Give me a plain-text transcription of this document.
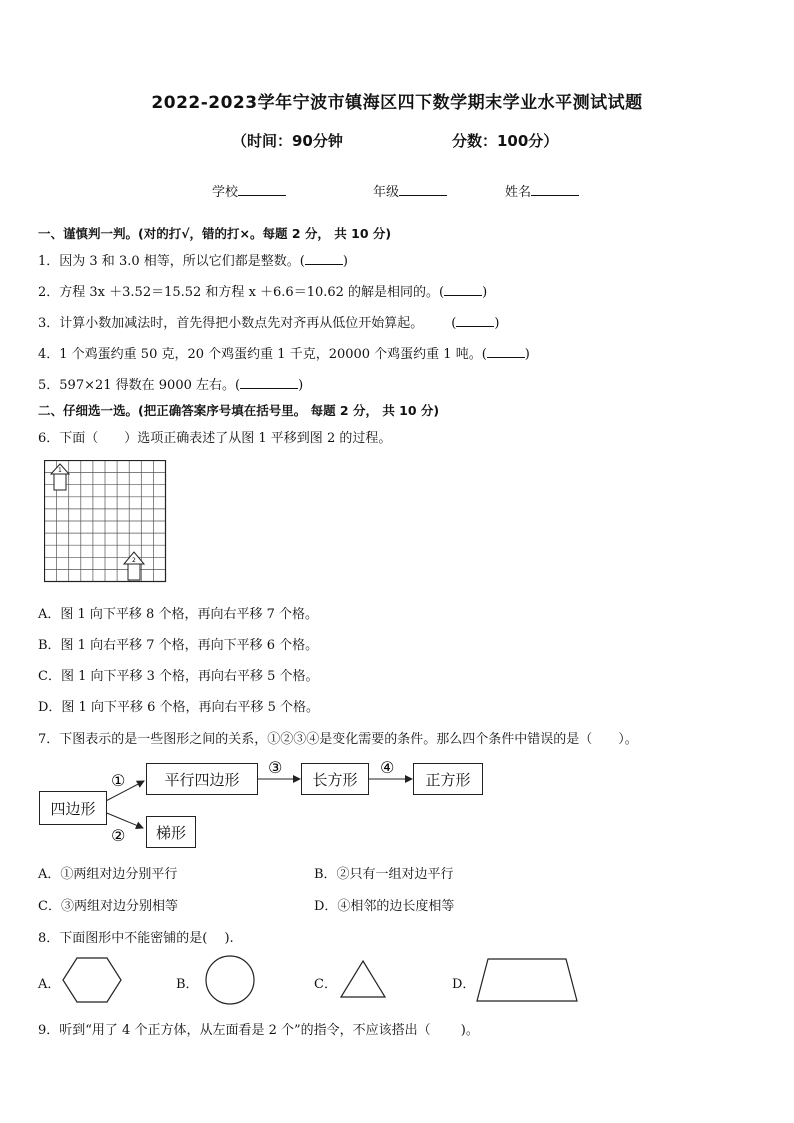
2022-2023学年宁波市镇海区四下数学期末学业水平测试试题
（时间：90分钟	分数：100分）
学校	年级	姓名
一、谨慎判一判。(对的打√，错的打×。每题 2 分， 共 10 分)
1．因为 3 和 3.0 相等，所以它们都是整数。(	)
2．方程 3x ＋3.52＝15.52 和方程 x ＋6.6＝10.62 的解是相同的。(	)
3．计算小数加减法时，首先得把小数点先对齐再从低位开始算起。 (	)
4．1 个鸡蛋约重 50 克，20 个鸡蛋约重 1 千克，20000 个鸡蛋约重 1 吨。(	)
5．597×21 得数在 9000 左右。(	)
二、仔细选一选。(把正确答案序号填在括号里。 每题 2 分， 共 10 分)
6．下面（　　）选项正确表述了从图 1 平移到图 2 的过程。
1
2
A．图 1 向下平移 8 个格，再向右平移 7 个格。
B．图 1 向右平移 7 个格，再向下平移 6 个格。
C．图 1 向下平移 3 个格，再向右平移 5 个格。
D．图 1 向下平移 6 个格，再向右平移 5 个格。
7．下图表示的是一些图形之间的关系，①②③④是变化需要的条件。那么四个条件中错误的是（　　）。
①
②
③	④
四边形
平行四边形	长方形	正方形
梯形
A．①两组对边分别平行	B．②只有一组对边平行
C．③两组对边分别相等	D．④相邻的边长度相等
8．下面图形中不能密铺的是(　 ).
A．	B．	C．	D．
9．听到“用了 4 个正方体，从左面看是 2 个”的指令，不应该搭出（　　 )。
